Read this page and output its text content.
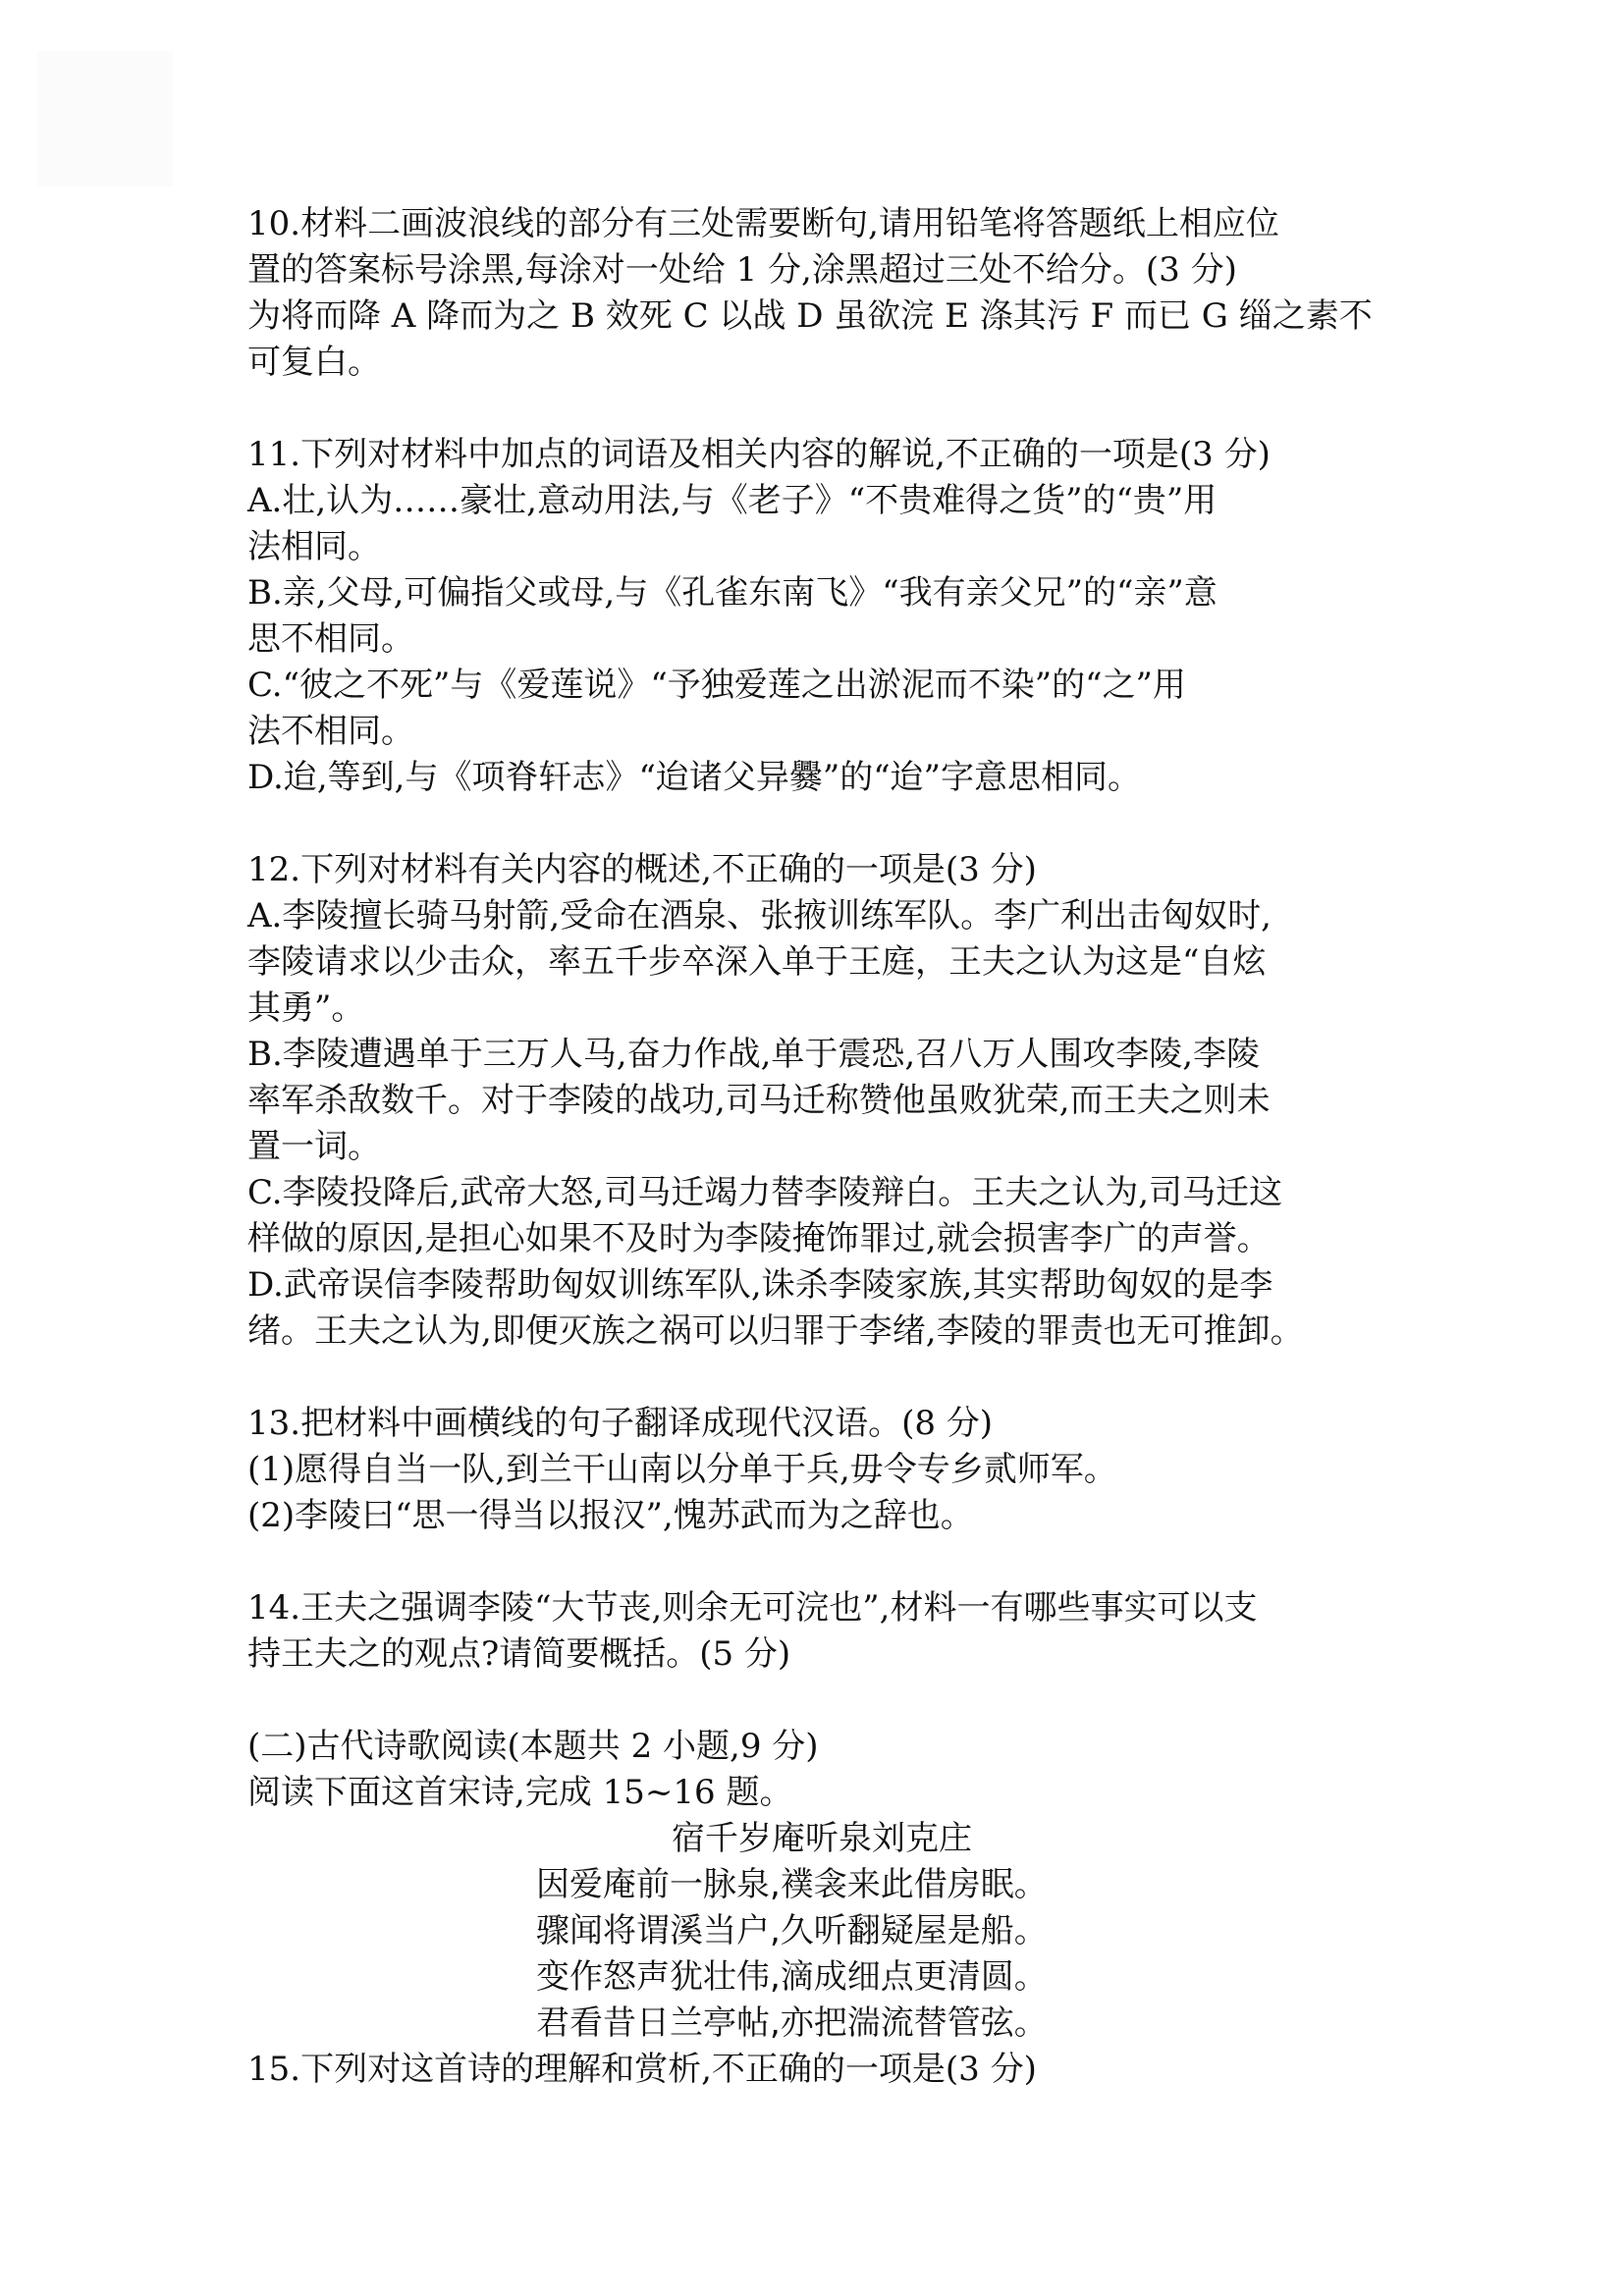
10.材料二画波浪线的部分有三处需要断句,请用铅笔将答题纸上相应位
置的答案标号涂黑,每涂对一处给 1 分,涂黑超过三处不给分。(3 分)
为将而降 A 降而为之 B 效死 C 以战 D 虽欲浣 E 涤其污 F 而已 G 缁之素不
可复白。
11.下列对材料中加点的词语及相关内容的解说,不正确的一项是(3 分)
A.壮,认为……豪壮,意动用法,与《老子》“不贵难得之货”的“贵”用
法相同。
B.亲,父母,可偏指父或母,与《孔雀东南飞》“我有亲父兄”的“亲”意
思不相同。
C.“彼之不死”与《爱莲说》“予独爱莲之出淤泥而不染”的“之”用
法不相同。
D.迨,等到,与《项脊轩志》“迨诸父异爨”的“迨”字意思相同。
12.下列对材料有关内容的概述,不正确的一项是(3 分)
A.李陵擅长骑马射箭,受命在酒泉、张掖训练军队。李广利出击匈奴时,
李陵请求以少击众，率五千步卒深入单于王庭，王夫之认为这是“自炫
其勇”。
B.李陵遭遇单于三万人马,奋力作战,单于震恐,召八万人围攻李陵,李陵
率军杀敌数千。对于李陵的战功,司马迁称赞他虽败犹荣,而王夫之则未
置一词。
C.李陵投降后,武帝大怒,司马迁竭力替李陵辩白。王夫之认为,司马迁这
样做的原因,是担心如果不及时为李陵掩饰罪过,就会损害李广的声誉。
D.武帝误信李陵帮助匈奴训练军队,诛杀李陵家族,其实帮助匈奴的是李
绪。王夫之认为,即便灭族之祸可以归罪于李绪,李陵的罪责也无可推卸。
13.把材料中画横线的句子翻译成现代汉语。(8 分)
(1)愿得自当一队,到兰干山南以分单于兵,毋令专乡贰师军。
(2)李陵曰“思一得当以报汉”,愧苏武而为之辞也。
14.王夫之强调李陵“大节丧,则余无可浣也”,材料一有哪些事实可以支
持王夫之的观点?请简要概括。(5 分)
(二)古代诗歌阅读(本题共 2 小题,9 分)
阅读下面这首宋诗,完成 15~16 题。
宿千岁庵听泉刘克庄
因爱庵前一脉泉,襆衾来此借房眠。
骤闻将谓溪当户,久听翻疑屋是船。
变作怒声犹壮伟,滴成细点更清圆。
君看昔日兰亭帖,亦把湍流替管弦。
15.下列对这首诗的理解和赏析,不正确的一项是(3 分)
